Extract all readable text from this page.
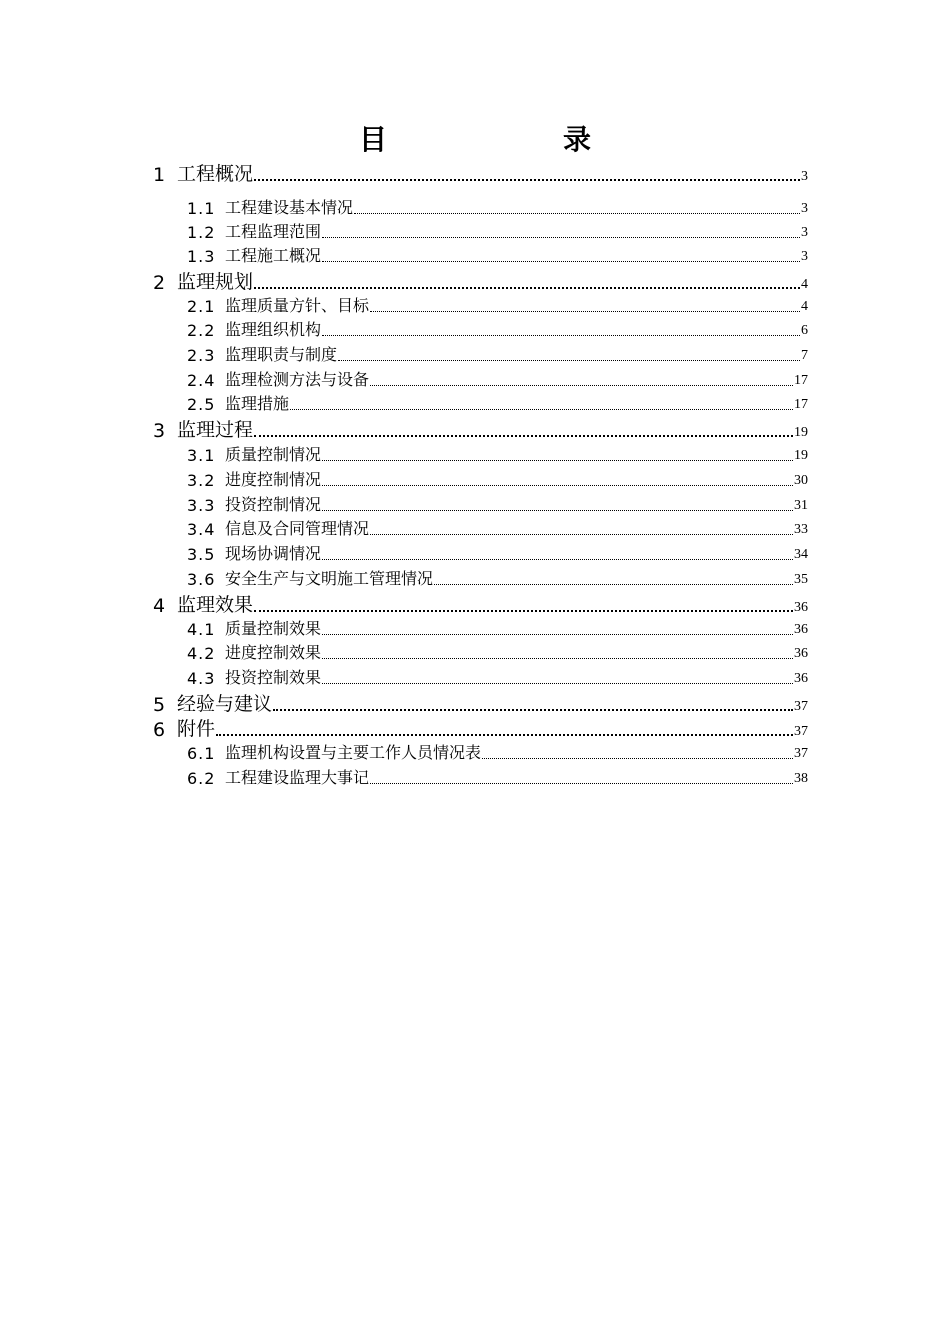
目　　录
1 工程概况	3
1.1 工程建设基本情况	3
1.2 工程监理范围	3
1.3 工程施工概况	3
2 监理规划	4
2.1 监理质量方针、目标	4
2.2 监理组织机构	6
2.3 监理职责与制度	7
2.4 监理检测方法与设备	17
2.5 监理措施	17
3 监理过程	19
3.1 质量控制情况	19
3.2 进度控制情况	30
3.3 投资控制情况	31
3.4 信息及合同管理情况	33
3.5 现场协调情况	34
3.6 安全生产与文明施工管理情况	35
4 监理效果	36
4.1 质量控制效果	36
4.2 进度控制效果	36
4.3 投资控制效果	36
5 经验与建议	37
6 附件	37
6.1 监理机构设置与主要工作人员情况表	37
6.2 工程建设监理大事记	38
